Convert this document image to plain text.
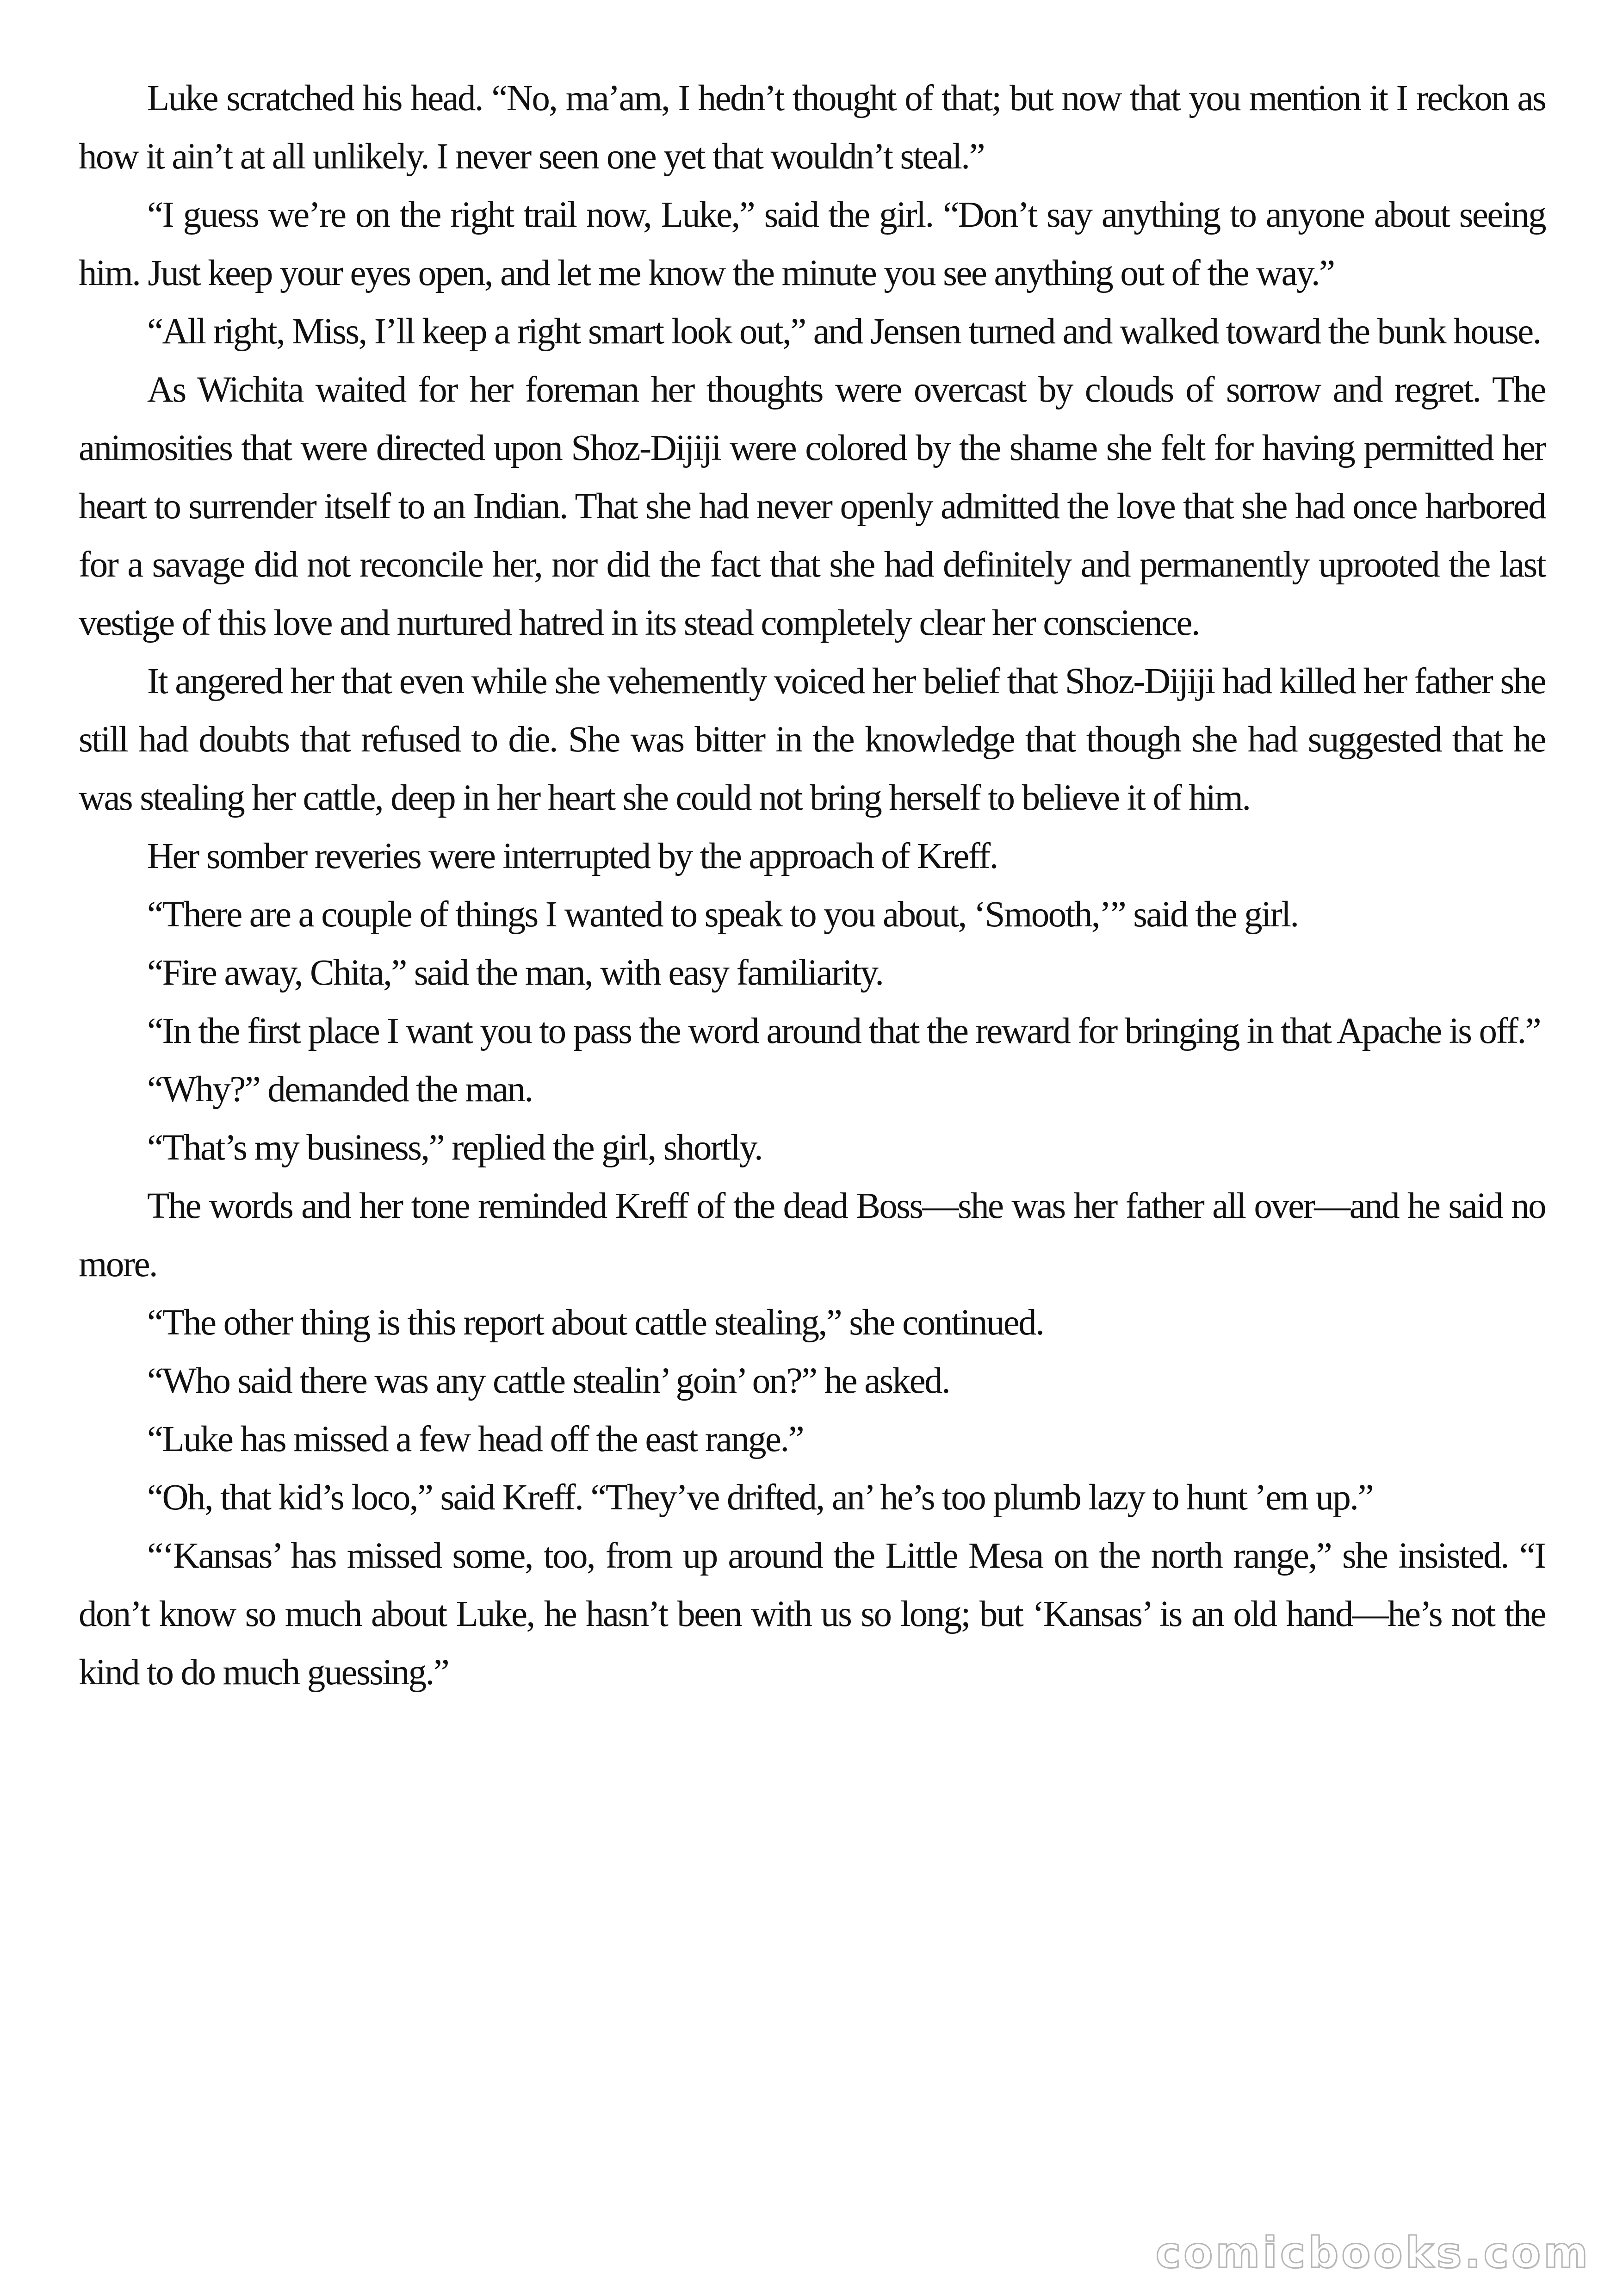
Luke scratched his head. “No, ma’am, I hedn’t thought of that; but now that you mention it I reckon as how it ain’t at all unlikely. I never seen one yet that wouldn’t steal.”

“I guess we’re on the right trail now, Luke,” said the girl. “Don’t say anything to anyone about seeing him. Just keep your eyes open, and let me know the minute you see anything out of the way.”

“All right, Miss, I’ll keep a right smart look out,” and Jensen turned and walked toward the bunk house.

As Wichita waited for her foreman her thoughts were overcast by clouds of sorrow and regret. The animosities that were directed upon Shoz-Dijiji were colored by the shame she felt for having permitted her heart to surrender itself to an Indian. That she had never openly admitted the love that she had once harbored for a savage did not reconcile her, nor did the fact that she had definitely and permanently uprooted the last vestige of this love and nurtured hatred in its stead completely clear her conscience.

It angered her that even while she vehemently voiced her belief that Shoz-Dijiji had killed her father she still had doubts that refused to die. She was bitter in the knowledge that though she had suggested that he was stealing her cattle, deep in her heart she could not bring herself to believe it of him.

Her somber reveries were interrupted by the approach of Kreff.

“There are a couple of things I wanted to speak to you about, ‘Smooth,’” said the girl.

“Fire away, Chita,” said the man, with easy familiarity.

“In the first place I want you to pass the word around that the reward for bringing in that Apache is off.”

“Why?” demanded the man.

“That’s my business,” replied the girl, shortly.

The words and her tone reminded Kreff of the dead Boss—she was her father all over—and he said no more.

“The other thing is this report about cattle stealing,” she continued.

“Who said there was any cattle stealin’ goin’ on?” he asked.

“Luke has missed a few head off the east range.”

“Oh, that kid’s loco,” said Kreff. “They’ve drifted, an’ he’s too plumb lazy to hunt ’em up.”

“‘Kansas’ has missed some, too, from up around the Little Mesa on the north range,” she insisted. “I don’t know so much about Luke, he hasn’t been with us so long; but ‘Kansas’ is an old hand—he’s not the kind to do much guessing.”

comicbooks.com
